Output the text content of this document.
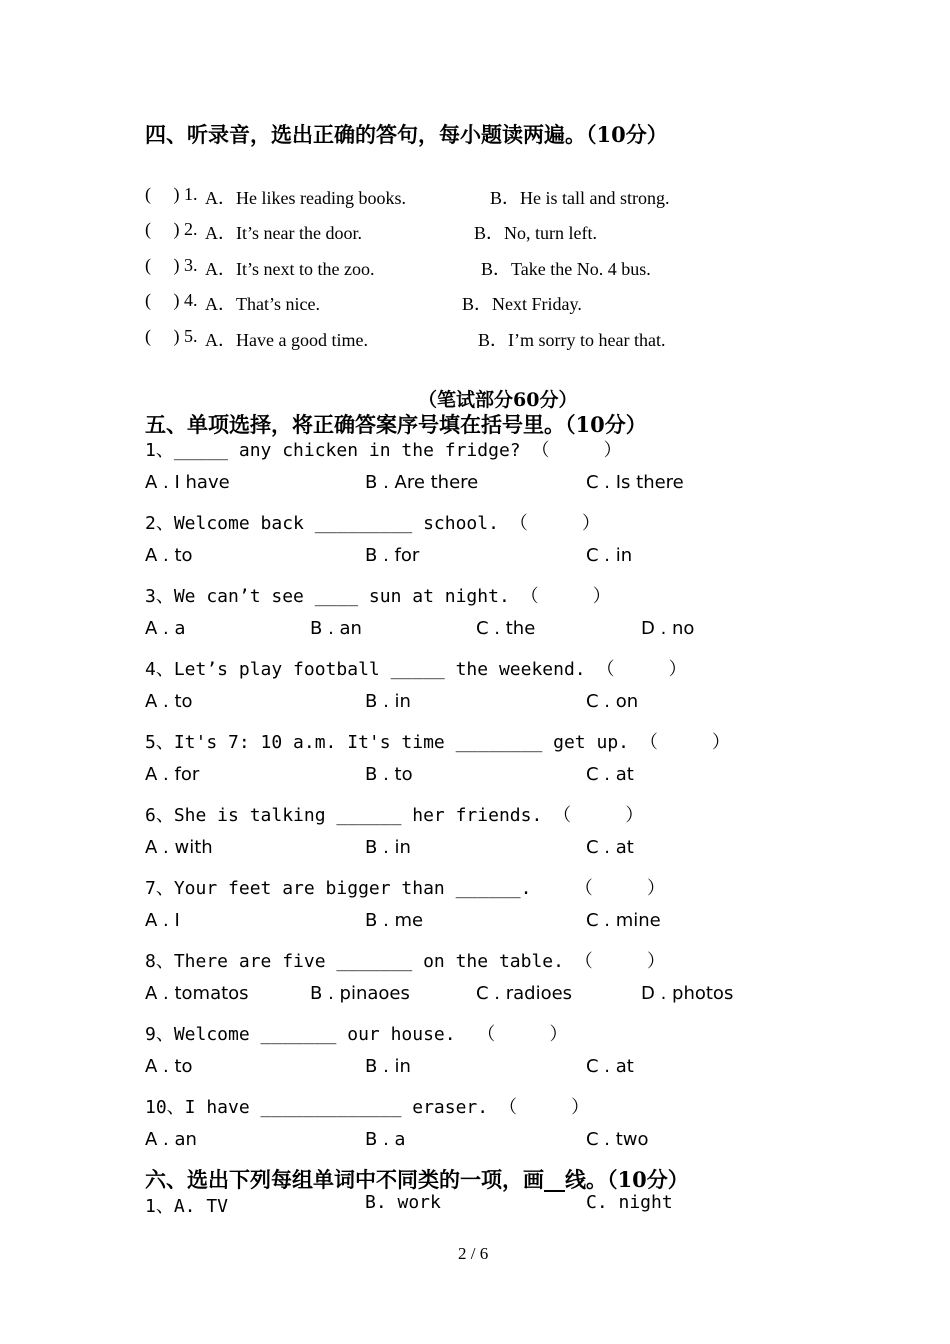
四、听录音，选出正确的答句，每小题读两遍。（10分）
(     ) 1. A．He likes reading books.	B．He is tall and strong.
(     ) 2. A．It’s near the door.	B．No, turn left.
(     ) 3. A．It’s next to the zoo.	B．Take the No. 4 bus.
(     ) 4. A．That’s nice.	B．Next Friday.
(     ) 5. A．Have a good time.	B．I’m sorry to hear that.
（笔试部分60分）
五、单项选择，将正确答案序号填在括号里。（10分）
1、_____ any chicken in the fridge? （     ）
A . I have	B . Are there	C . Is there
2、Welcome back _________ school. （     ）
A . to	B . for	C . in
3、We can’t see ____ sun at night. （     ）
A . a	B . an	C . the	D . no
4、Let’s play football _____ the weekend. （     ）
A . to	B . in	C . on
5、It's 7: 10 a.m. It's time ________ get up. （     ）
A . for	B . to	C . at
6、She is talking ______ her friends. （     ）
A . with	B . in	C . at
7、Your feet are bigger than ______.    （     ）
A . I	B . me	C . mine
8、There are five _______ on the table. （     ）
A . tomatos	B . pinaoes	C . radioes	D . photos
9、Welcome _______ our house.  （     ）
A . to	B . in	C . at
10、I have _____________ eraser. （     ）
A . an	B . a	C . two
六、选出下列每组单词中不同类的一项，画__线。（10分）
1、A. TV	B. work	C. night
2 / 6
